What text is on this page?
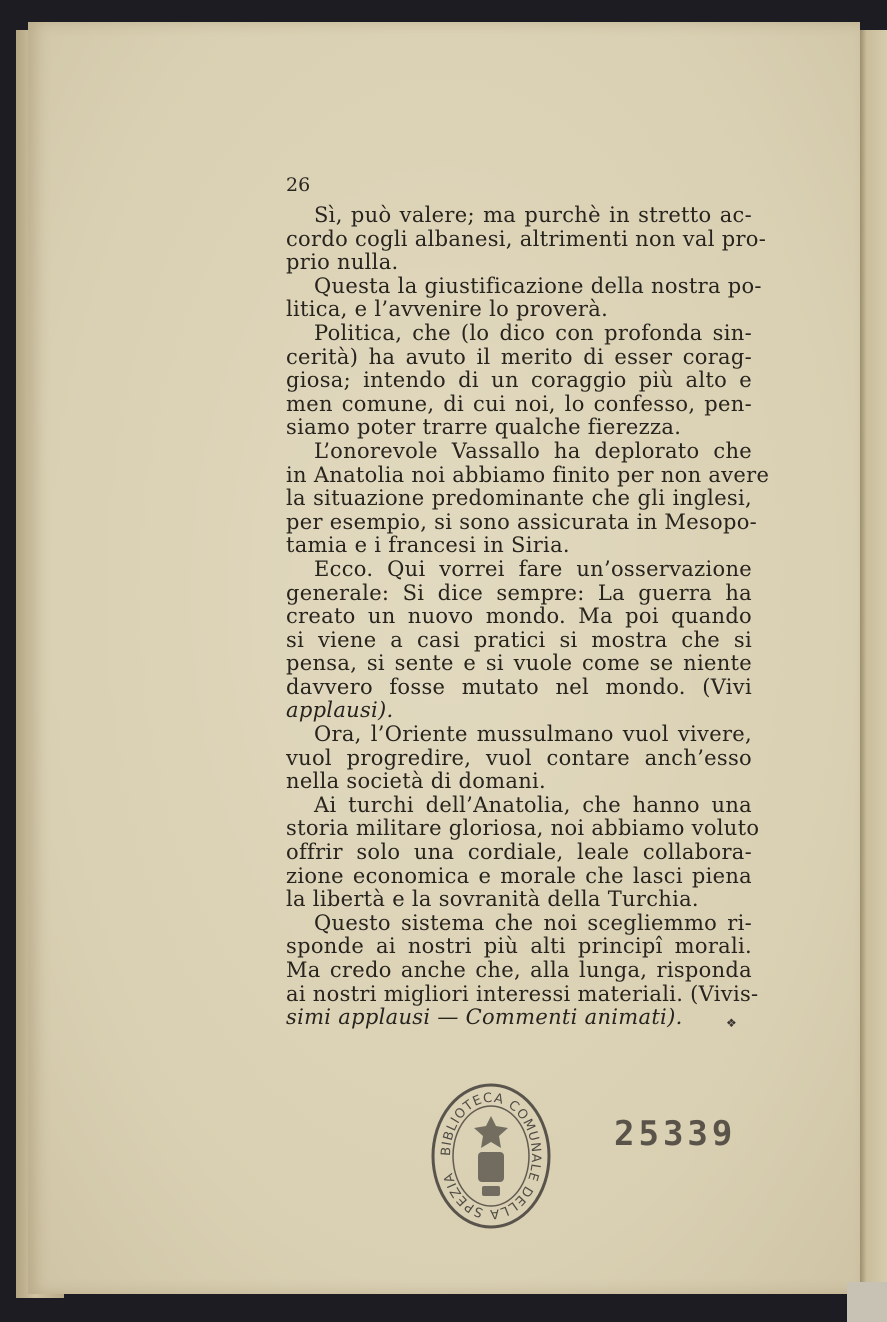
26
Sì, può valere; ma purchè in stretto ac-
cordo cogli albanesi, altrimenti non val pro-
prio nulla.
Questa la giustificazione della nostra po-
litica, e l’avvenire lo proverà.
Politica, che (lo dico con profonda sin-
cerità) ha avuto il merito di esser corag-
giosa; intendo di un coraggio più alto e
men comune, di cui noi, lo confesso, pen-
siamo poter trarre qualche fierezza.
L’onorevole Vassallo ha deplorato che
in Anatolia noi abbiamo finito per non avere
la situazione predominante che gli inglesi,
per esempio, si sono assicurata in Mesopo-
tamia e i francesi in Siria.
Ecco. Qui vorrei fare un’osservazione
generale: Si dice sempre: La guerra ha
creato un nuovo mondo. Ma poi quando
si viene a casi pratici si mostra che si
pensa, si sente e si vuole come se niente
davvero fosse mutato nel mondo. (Vivi
applausi).
Ora, l’Oriente mussulmano vuol vivere,
vuol progredire, vuol contare anch’esso
nella società di domani.
Ai turchi dell’Anatolia, che hanno una
storia militare gloriosa, noi abbiamo voluto
offrir solo una cordiale, leale collabora-
zione economica e morale che lasci piena
la libertà e la sovranità della Turchia.
Questo sistema che noi scegliemmo ri-
sponde ai nostri più alti principî morali.
Ma credo anche che, alla lunga, risponda
ai nostri migliori interessi materiali. (Vivis-
simi applausi — Commenti animati).	❖
BIBLIOTECA COMUNALE DELLA SPEZIA
25339
